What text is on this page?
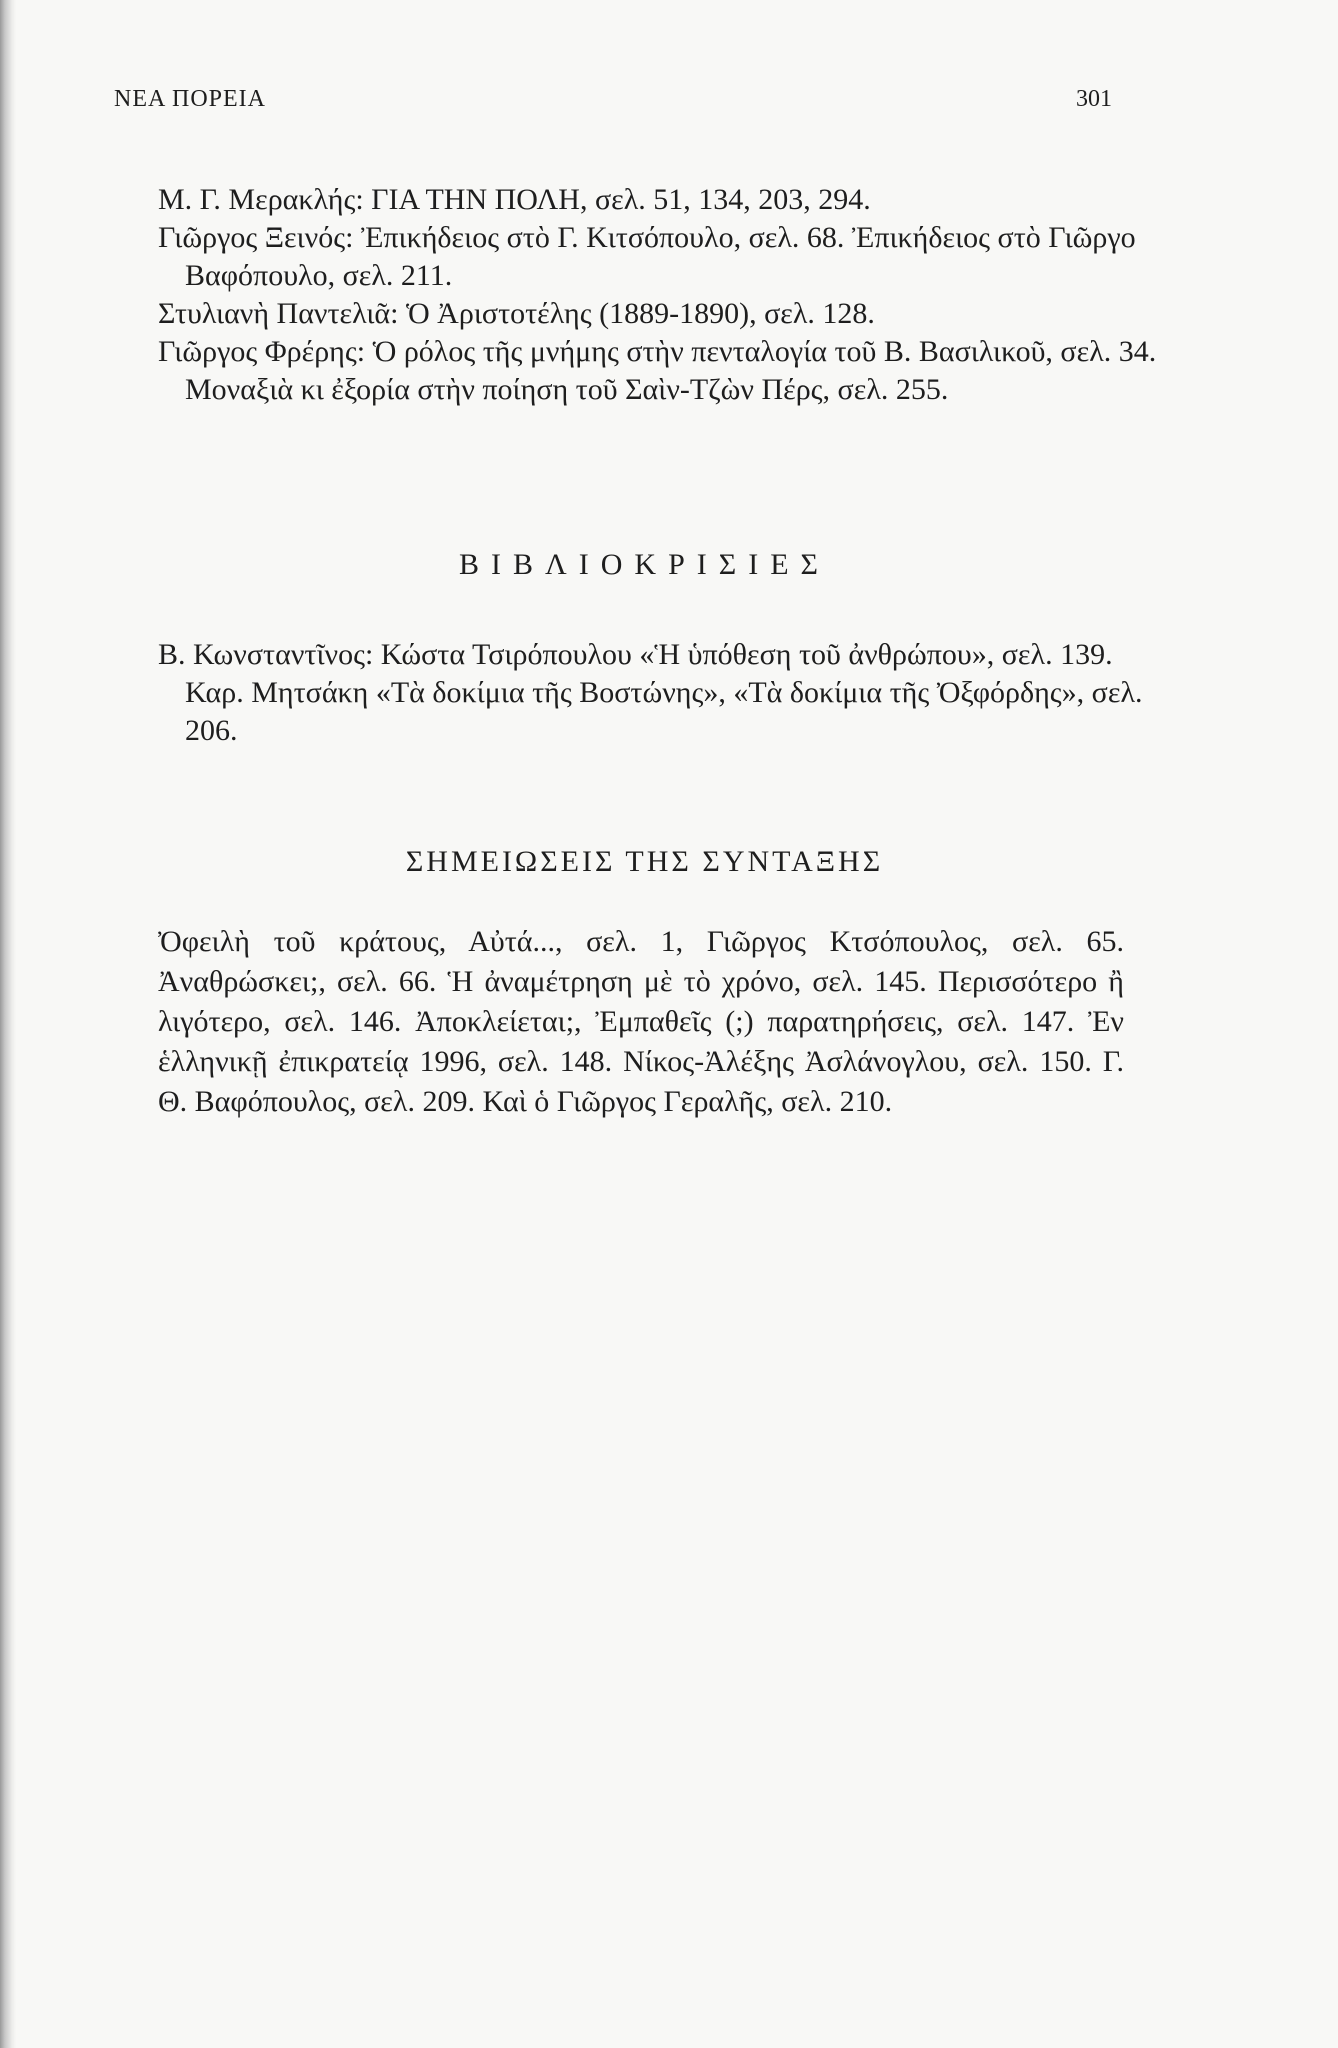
ΝΕΑ ΠΟΡΕΙΑ	301
Μ. Γ. Μερακλής: ΓΙΑ ΤΗΝ ΠΟΛΗ, σελ. 51, 134, 203, 294.
Γιῶργος Ξεινός: Ἐπικήδειος στὸ Γ. Κιτσόπουλο, σελ. 68. Ἐπικήδειος στὸ Γιῶργο Βαφόπουλο, σελ. 211.
Στυλιανὴ Παντελιᾶ: Ὁ Ἀριστοτέλης (1889-1890), σελ. 128.
Γιῶργος Φρέρης: Ὁ ρόλος τῆς μνήμης στὴν πενταλογία τοῦ Β. Βασιλικοῦ, σελ. 34. Μοναξιὰ κι ἐξορία στὴν ποίηση τοῦ Σαὶν-Τζὼν Πέρς, σελ. 255.
ΒΙΒΛΙΟΚΡΙΣΙΕΣ
Β. Κωνσταντῖνος: Κώστα Τσιρόπουλου «Ἡ ὑπόθεση τοῦ ἀνθρώπου», σελ. 139. Καρ. Μητσάκη «Τὰ δοκίμια τῆς Βοστώνης», «Τὰ δοκίμια τῆς Ὀξφόρδης», σελ. 206.
ΣΗΜΕΙΩΣΕΙΣ ΤΗΣ ΣΥΝΤΑΞΗΣ

Ὀφειλὴ τοῦ κράτους, Αὐτά..., σελ. 1, Γιῶργος Κτσόπουλος, σελ. 65. Ἀναθρώσκει;, σελ. 66. Ἡ ἀναμέτρηση μὲ τὸ χρόνο, σελ. 145. Περισσότερο ἢ λιγότερο, σελ. 146. Ἀποκλείεται;, Ἐμπαθεῖς (;) παρατηρήσεις, σελ. 147. Ἐν ἑλληνικῇ ἐπικρατείᾳ 1996, σελ. 148. Νίκος-Ἀλέξης Ἀσλάνογλου, σελ. 150. Γ. Θ. Βαφόπουλος, σελ. 209. Καὶ ὁ Γιῶργος Γεραλῆς, σελ. 210.
